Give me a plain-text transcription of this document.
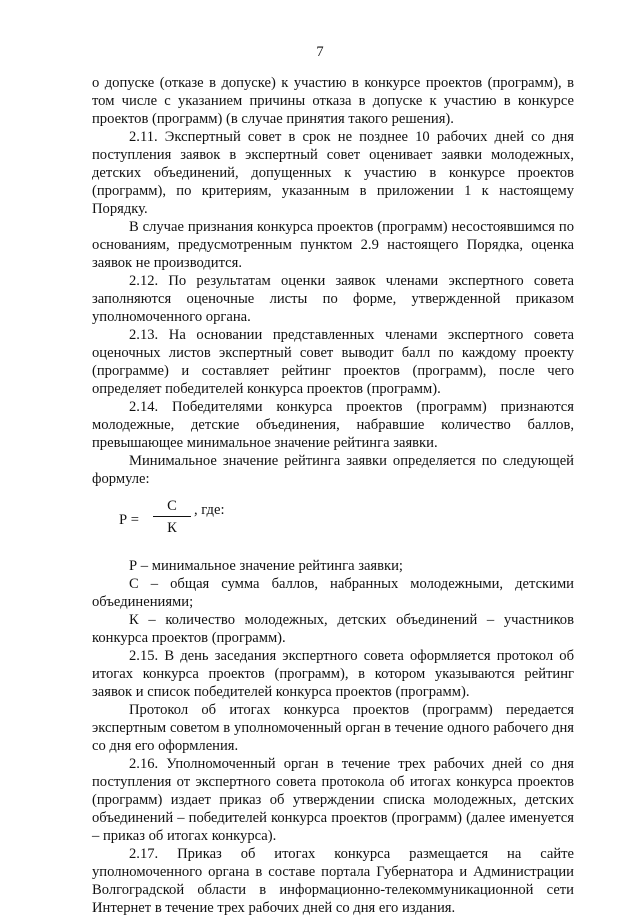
7

о допуске (отказе в допуске) к участию в конкурсе проектов (программ), в том числе с указанием причины отказа в допуске к участию в конкурсе проектов (программ) (в случае принятия такого решения).

2.11. Экспертный совет в срок не позднее 10 рабочих дней со дня поступления заявок в экспертный совет оценивает заявки молодежных, детских объединений, допущенных к участию в конкурсе проектов (программ), по критериям, указанным в приложении 1 к настоящему Порядку.

В случае признания конкурса проектов (программ) несостоявшимся по основаниям, предусмотренным пунктом 2.9 настоящего Порядка, оценка заявок не производится.

2.12. По результатам оценки заявок членами экспертного совета заполняются оценочные листы по форме, утвержденной приказом уполномоченного органа.

2.13. На основании представленных членами экспертного совета оценочных листов экспертный совет выводит балл по каждому проекту (программе) и составляет рейтинг проектов (программ), после чего определяет победителей конкурса проектов (программ).

2.14. Победителями конкурса проектов (программ) признаются молодежные, детские объединения, набравшие количество баллов, превышающее минимальное значение рейтинга заявки.

Минимальное значение рейтинга заявки определяется по следующей формуле:

Р =
С
К
, где:

Р – минимальное значение рейтинга заявки;

С – общая сумма баллов, набранных молодежными, детскими объединениями;

К – количество молодежных, детских объединений – участников конкурса проектов (программ).

2.15. В день заседания экспертного совета оформляется протокол об итогах конкурса проектов (программ), в котором указываются рейтинг заявок и список победителей конкурса проектов (программ).

Протокол об итогах конкурса проектов (программ) передается экспертным советом в уполномоченный орган в течение одного рабочего дня со дня его оформления.

2.16. Уполномоченный орган в течение трех рабочих дней со дня поступления от экспертного совета протокола об итогах конкурса проектов (программ) издает приказ об утверждении списка молодежных, детских объединений – победителей конкурса проектов (программ) (далее именуется – приказ об итогах конкурса).

2.17. Приказ об итогах конкурса размещается на сайте уполномоченного органа в составе портала Губернатора и Администрации Волгоградской области в информационно-телекоммуникационной сети Интернет в течение трех рабочих дней со дня его издания.
